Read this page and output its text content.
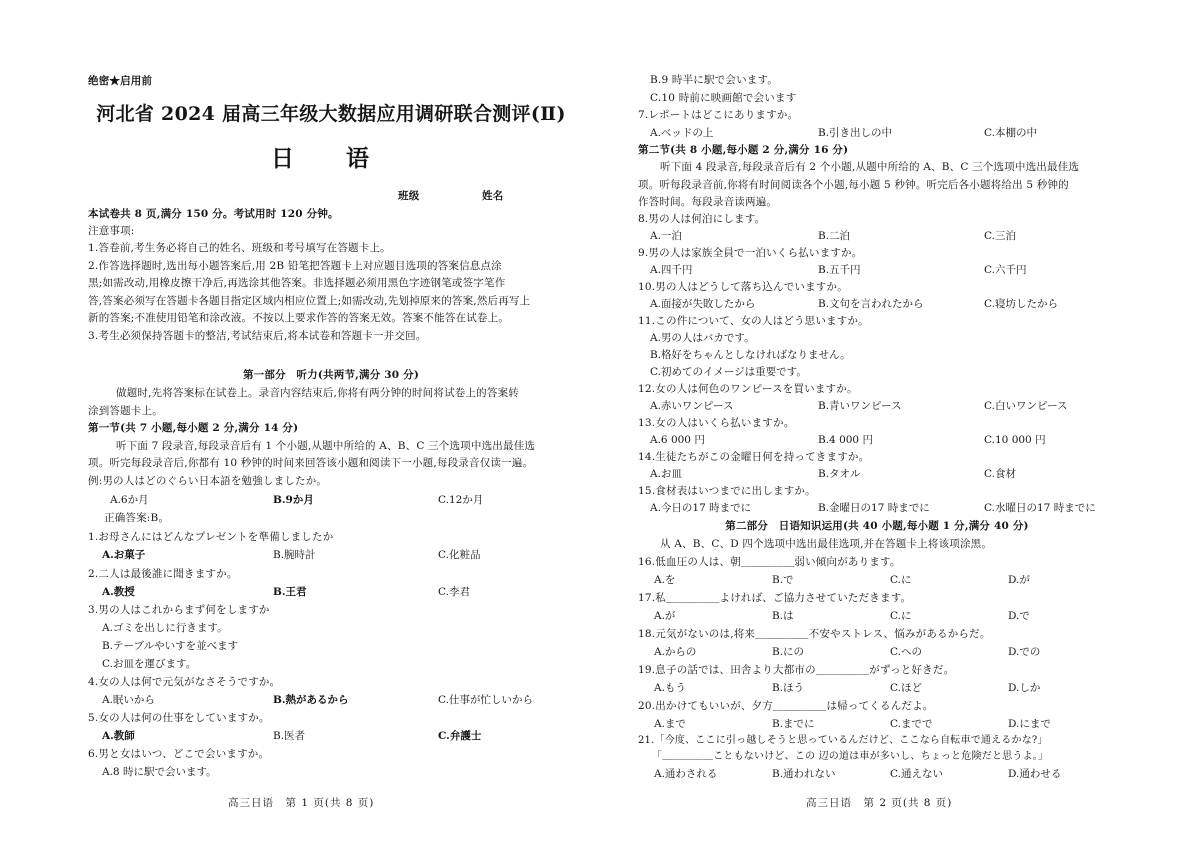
绝密★启用前
河北省 2024 届高三年级大数据应用调研联合测评(Ⅱ)
日 语
班级	姓名
本试卷共 8 页,满分 150 分。考试用时 120 分钟。
注意事项:
1.答卷前,考生务必将自己的姓名、班级和考号填写在答题卡上。
2.作答选择题时,选出每小题答案后,用 2B 铅笔把答题卡上对应题目选项的答案信息点涂
黑;如需改动,用橡皮擦干净后,再选涂其他答案。非选择题必须用黑色字迹钢笔或签字笔作
答,答案必须写在答题卡各题目指定区域内相应位置上;如需改动,先划掉原来的答案,然后再写上
新的答案;不准使用铅笔和涂改液。不按以上要求作答的答案无效。答案不能答在试卷上。
3.考生必须保持答题卡的整洁,考试结束后,将本试卷和答题卡一并交回。
第一部分　听力(共两节,满分 30 分)
做题时,先将答案标在试卷上。录音内容结束后,你将有两分钟的时间将试卷上的答案转
涂到答题卡上。
第一节(共 7 小题,每小题 2 分,满分 14 分)
听下面 7 段录音,每段录音后有 1 个小题,从题中所给的 A、B、C 三个选项中选出最佳选
项。听完每段录音后,你都有 10 秒钟的时间来回答该小题和阅读下一小题,每段录音仅读一遍。
例:男の人はどのぐらい日本語を勉強しましたか。
A.6か月	B.9か月	C.12か月
正确答案:B。
1.お母さんにはどんなプレゼントを準備しましたか
A.お菓子	B.腕時計	C.化粧品
2.二人は最後誰に聞きますか。
A.教授	B.王君	C.李君
3.男の人はこれからまず何をしますか
A.ゴミを出しに行きます。
B.テーブルやいすを並べます
C.お皿を運びます。
4.女の人は何で元気がなさそうですか。
A.眠いから	B.熱があるから	C.仕事が忙しいから
5.女の人は何の仕事をしていますか。
A.教師	B.医者	C.弁護士
6.男と女はいつ、どこで会いますか。
A.8 時に駅で会います。
高三日语　第 1 页(共 8 页)
B.9 時半に駅で会います。
C.10 時前に映画館で会います
7.レポートはどこにありますか。
A.ベッドの上	B.引き出しの中	C.本棚の中
第二节(共 8 小题,每小题 2 分,满分 16 分)
听下面 4 段录音,每段录音后有 2 个小题,从题中所给的 A、B、C 三个选项中选出最佳选
项。听每段录音前,你将有时间阅读各个小题,每小题 5 秒钟。听完后各小题将给出 5 秒钟的
作答时间。每段录音读两遍。
8.男の人は何泊にします。
A.一泊	B.二泊	C.三泊
9.男の人は家族全員で一泊いくら払いますか。
A.四千円	B.五千円	C.六千円
10.男の人はどうして落ち込んでいますか。
A.面接が失敗したから	B.文句を言われたから	C.寝坊したから
11.この件について、女の人はどう思いますか。
A.男の人はバカです。
B.格好をちゃんとしなければなりません。
C.初めてのイメージは重要です。
12.女の人は何色のワンピースを買いますか。
A.赤いワンピース	B.青いワンピース	C.白いワンピース
13.女の人はいくら払いますか。
A.6 000 円	B.4 000 円	C.10 000 円
14.生徒たちがこの金曜日何を持ってきますか。
A.お皿	B.タオル	C.食材
15.食材表はいつまでに出しますか。
A.今日の17 時までに	B.金曜日の17 時までに	C.水曜日の17 時までに
第二部分　日语知识运用(共 40 小题,每小题 1 分,满分 40 分)
从 A、B、C、D 四个选项中选出最佳选项,并在答题卡上将该项涂黑。
16.低血圧の人は、朝＿＿＿＿＿弱い傾向があります。
A.を	B.で	C.に	D.が
17.私＿＿＿＿＿よければ、ご協力させていただきます。
A.が	B.は	C.に	D.で
18.元気がないのは,将来＿＿＿＿＿不安やストレス、悩みがあるからだ。
A.からの	B.にの	C.への	D.での
19.息子の話では、田舎より大都市の＿＿＿＿＿がずっと好きだ。
A.もう	B.ほう	C.ほど	D.しか
20.出かけてもいいが、夕方＿＿＿＿＿は帰ってくるんだよ。
A.まで	B.までに	C.までで	D.にまで
21.「今度、ここに引っ越しそうと思っているんだけど、ここなら自転車で通えるかな?」
「＿＿＿＿＿こともないけど、この 辺の道は車が多いし、ちょっと危険だと思うよ。」
A.通わされる	B.通われない	C.通えない	D.通わせる
高三日语　第 2 页(共 8 页)
